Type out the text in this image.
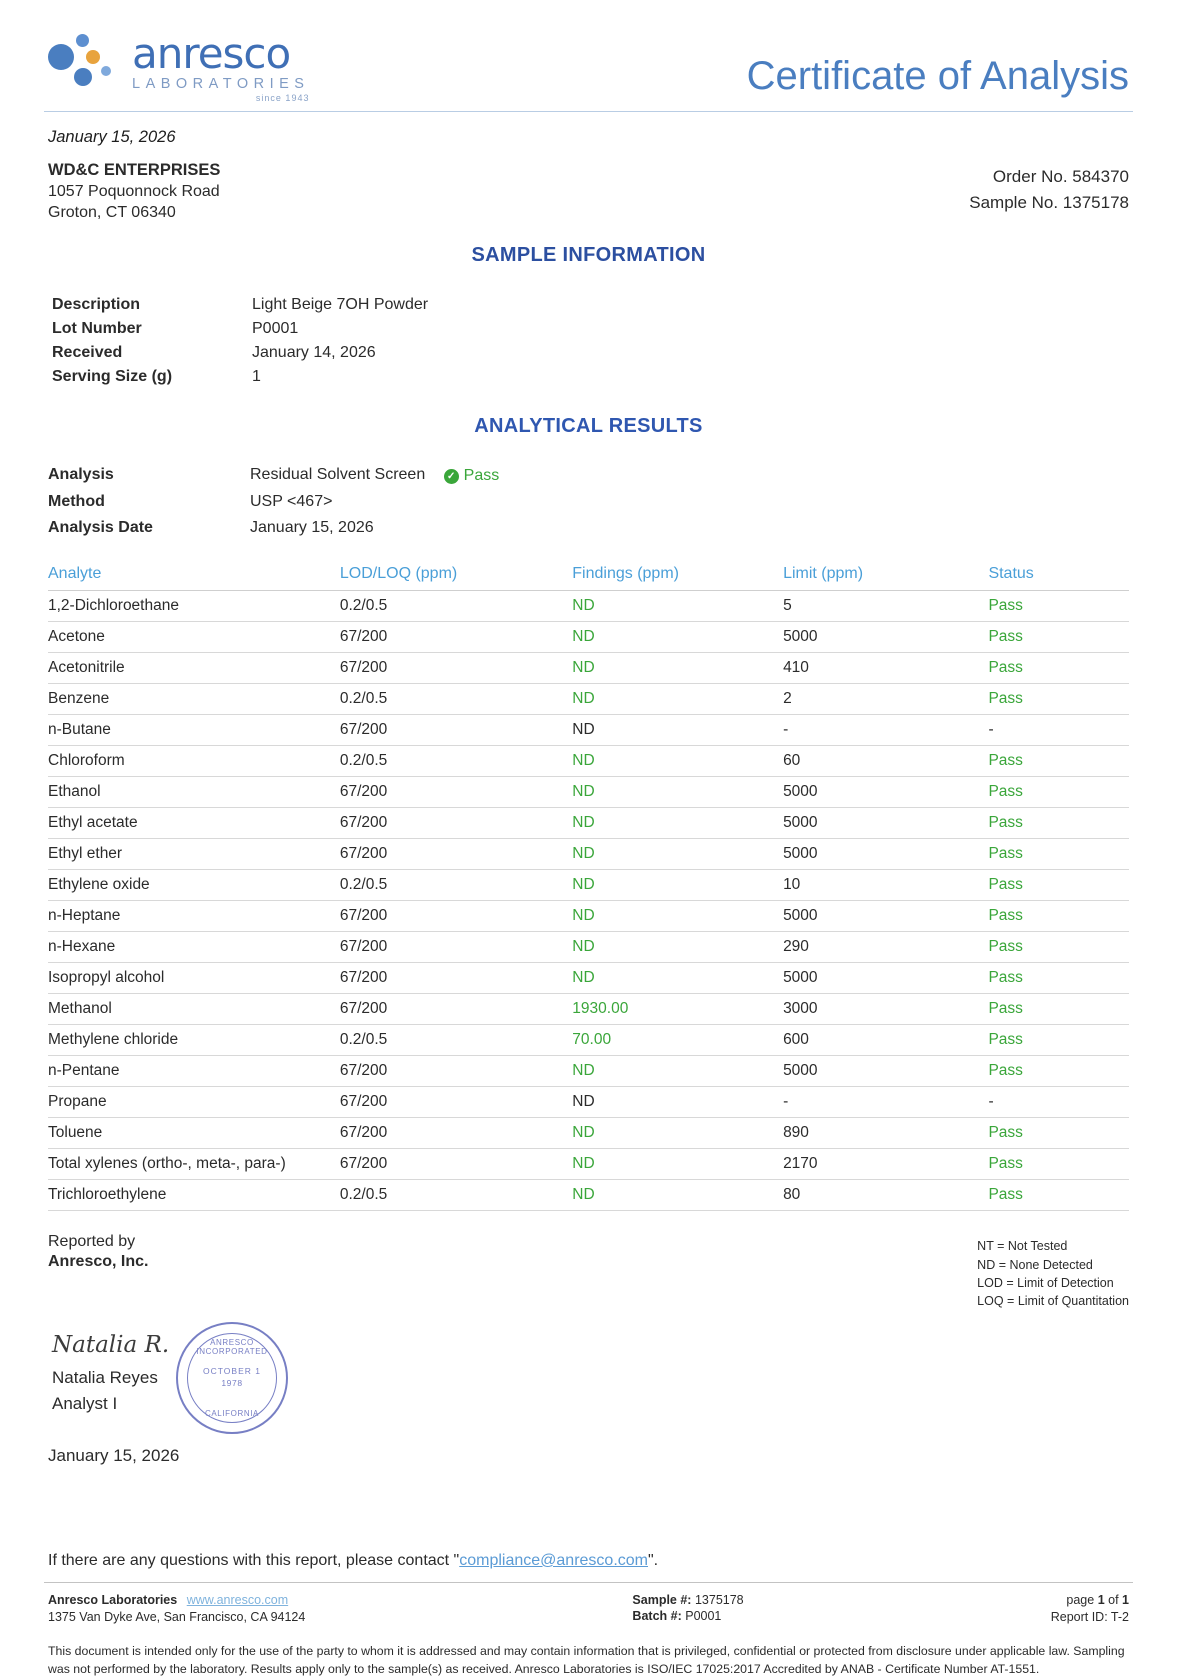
anresco
LABORATORIES
since 1943	Certificate of Analysis
January 15, 2026
WD&C ENTERPRISES
1057 Poquonnock Road
Groton, CT 06340
Order No. 584370
Sample No. 1375178
SAMPLE INFORMATION
Description	Light Beige 7OH Powder
Lot Number	P0001
Received	January 14, 2026
Serving Size (g)	1
ANALYTICAL RESULTS
Analysis	Residual Solvent Screen ✓ Pass

Method	USP <467>
Analysis Date	January 15, 2026
Analyte	LOD/LOQ (ppm)	Findings (ppm)	Limit (ppm)	Status
1,2-Dichloroethane	0.2/0.5	ND	5	Pass
Acetone	67/200	ND	5000	Pass
Acetonitrile	67/200	ND	410	Pass
Benzene	0.2/0.5	ND	2	Pass
n-Butane	67/200	ND	-	-
Chloroform	0.2/0.5	ND	60	Pass
Ethanol	67/200	ND	5000	Pass
Ethyl acetate	67/200	ND	5000	Pass
Ethyl ether	67/200	ND	5000	Pass
Ethylene oxide	0.2/0.5	ND	10	Pass
n-Heptane	67/200	ND	5000	Pass
n-Hexane	67/200	ND	290	Pass
Isopropyl alcohol	67/200	ND	5000	Pass
Methanol	67/200	1930.00	3000	Pass
Methylene chloride	0.2/0.5	70.00	600	Pass
n-Pentane	67/200	ND	5000	Pass
Propane	67/200	ND	-	-
Toluene	67/200	ND	890	Pass
Total xylenes (ortho-, meta-, para-)	67/200	ND	2170	Pass
Trichloroethylene	0.2/0.5	ND	80	Pass
Reported by
Anresco, Inc.
NT = Not Tested
ND = None Detected
LOD = Limit of Detection
LOQ = Limit of Quantitation
Natalia R.
Natalia Reyes
Analyst I
ANRESCO INCORPORATED
OCTOBER 1
1978
CALIFORNIA
January 15, 2026
If there are any questions with this report, please contact "compliance@anresco.com".
Anresco Laboratories www.anresco.com
1375 Van Dyke Ave, San Francisco, CA 94124
Sample #: 1375178
Batch #: P0001
page 1 of 1
Report ID: T-2
This document is intended only for the use of the party to whom it is addressed and may contain information that is privileged, confidential or protected from disclosure under applicable law. Sampling was not performed by the laboratory. Results apply only to the sample(s) as received. Anresco Laboratories is ISO/IEC 17025:2017 Accredited by ANAB - Certificate Number AT-1551.
